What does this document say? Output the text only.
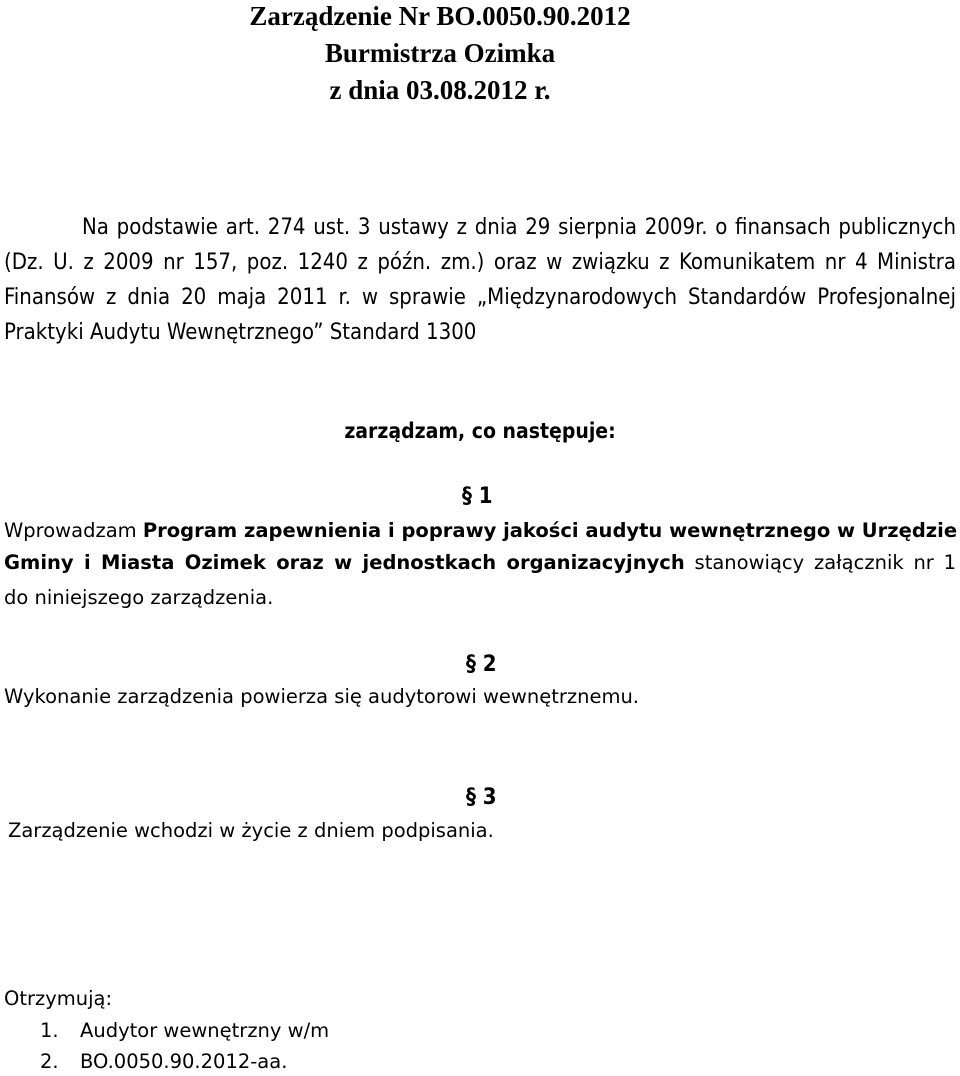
Zarządzenie Nr BO.0050.90.2012

Burmistrza Ozimka

z dnia 03.08.2012 r.

Na podstawie art. 274 ust. 3 ustawy z dnia 29 sierpnia 2009r. o finansach publicznych

(Dz. U. z 2009 nr 157, poz. 1240 z późn. zm.) oraz w związku z Komunikatem nr 4 Ministra

Finansów z dnia 20 maja 2011 r. w sprawie „Międzynarodowych Standardów Profesjonalnej

Praktyki Audytu Wewnętrznego” Standard 1300

zarządzam, co następuje:

§ 1

Wprowadzam Program zapewnienia i poprawy jakości audytu wewnętrznego w Urzędzie

Gminy i Miasta Ozimek oraz w jednostkach organizacyjnych stanowiący załącznik nr 1

do niniejszego zarządzenia.

§ 2

Wykonanie zarządzenia powierza się audytorowi wewnętrznemu.

§ 3

Zarządzenie wchodzi w życie z dniem podpisania.

Otrzymują:

1. Audytor wewnętrzny w/m

2. BO.0050.90.2012-aa.
